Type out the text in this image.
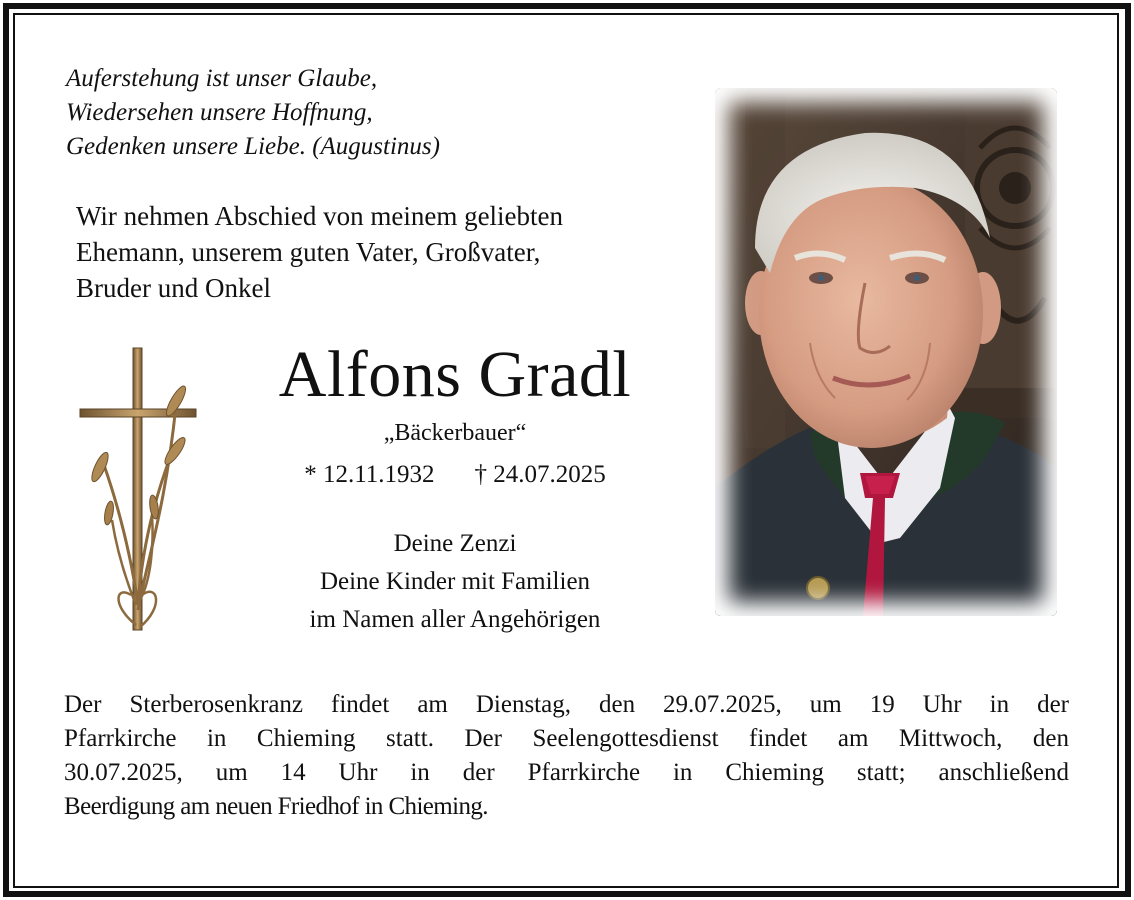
Auferstehung ist unser Glaube,
Wiedersehen unsere Hoffnung,
Gedenken unsere Liebe. (Augustinus)
Wir nehmen Abschied von meinem geliebten
Ehemann, unserem guten Vater, Großvater,
Bruder und Onkel
Alfons Gradl
„Bäckerbauer“
* 12.11.1932 † 24.07.2025
Deine Zenzi
Deine Kinder mit Familien
im Namen aller Angehörigen
Der Sterberosenkranz findet am Dienstag, den 29.07.2025, um 19 Uhr in der
Pfarrkirche in Chieming statt. Der Seelengottesdienst findet am Mittwoch, den
30.07.2025, um 14 Uhr in der Pfarrkirche in Chieming statt; anschließend
Beerdigung am neuen Friedhof in Chieming.
